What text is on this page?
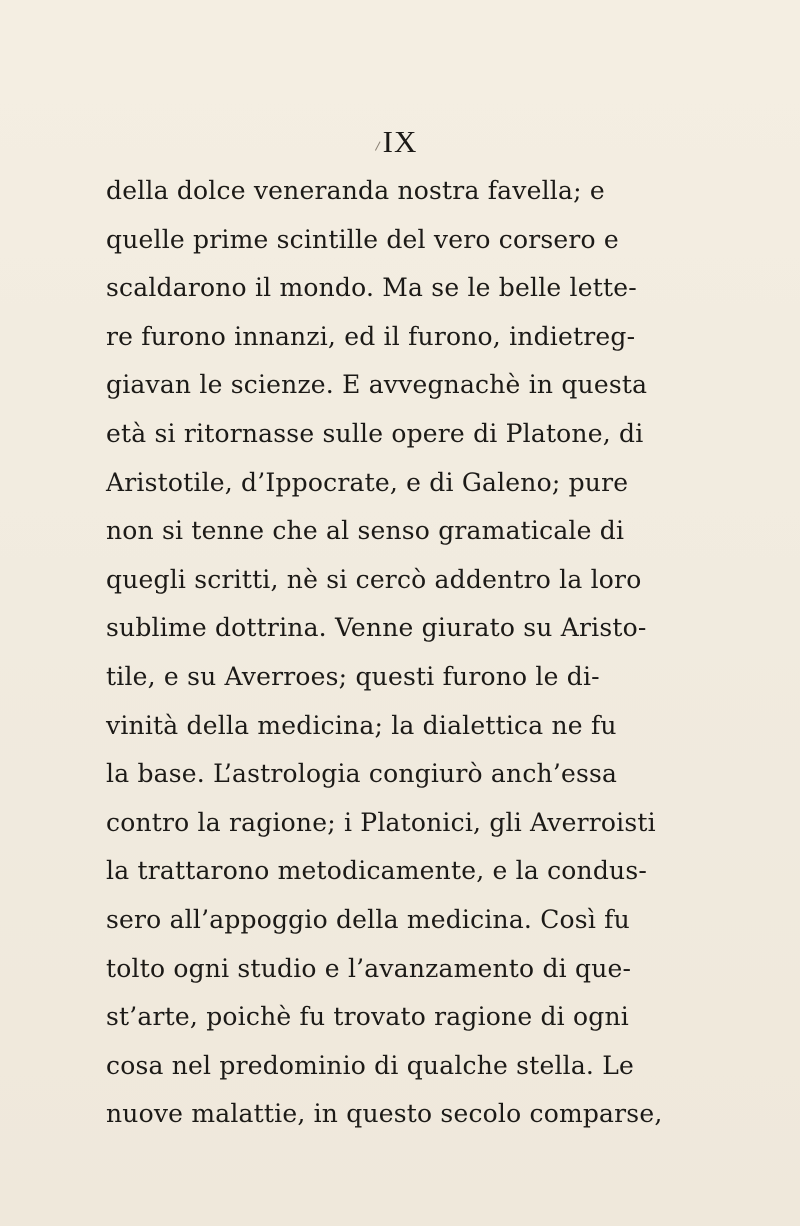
IX
della dolce veneranda nostra favella; e
quelle prime scintille del vero corsero e
scaldarono il mondo. Ma se le belle lette-
re furono innanzi, ed il furono, indietreg-
giavan le scienze. E avvegnachè in questa
età si ritornasse sulle opere di Platone, di
Aristotile, d’Ippocrate, e di Galeno; pure
non si tenne che al senso gramaticale di
quegli scritti, nè si cercò addentro la loro
sublime dottrina. Venne giurato su Aristo-
tile, e su Averroes; questi furono le di-
vinità della medicina; la dialettica ne fu
la base. L’astrologia congiurò anch’essa
contro la ragione; i Platonici, gli Averroisti
la trattarono metodicamente, e la condus-
sero all’appoggio della medicina. Così fu
tolto ogni studio e l’avanzamento di que-
st’arte, poichè fu trovato ragione di ogni
cosa nel predominio di qualche stella. Le
nuove malattie, in questo secolo comparse,
